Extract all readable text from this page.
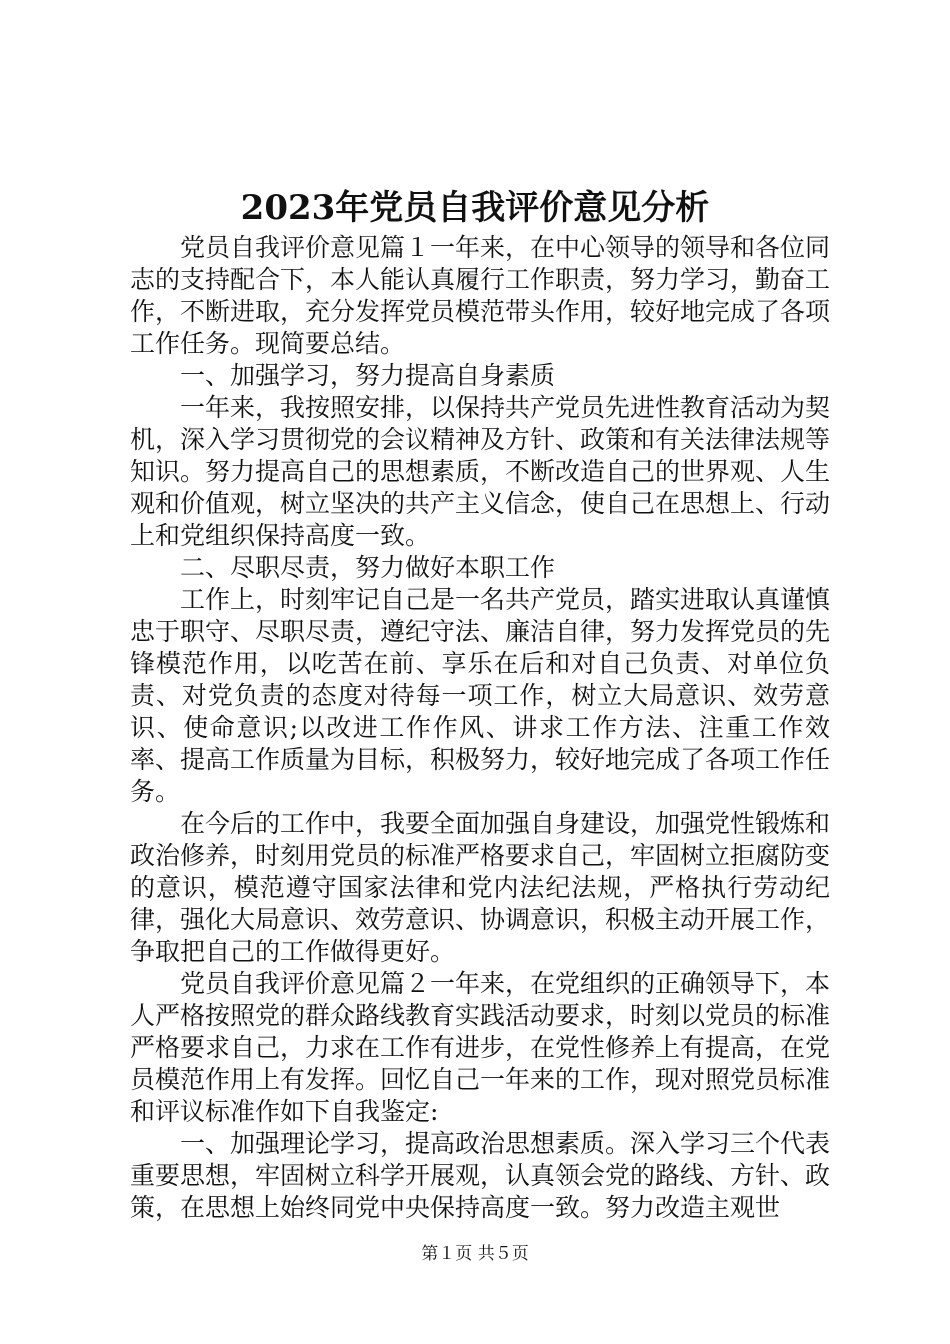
2023年党员自我评价意见分析

党员自我评价意见篇１一年来，在中心领导的领导和各位同志的支持配合下，本人能认真履行工作职责，努力学习，勤奋工作，不断进取，充分发挥党员模范带头作用，较好地完成了各项工作任务。现简要总结。

一、加强学习，努力提高自身素质

一年来，我按照安排，以保持共产党员先进性教育活动为契机，深入学习贯彻党的会议精神及方针、政策和有关法律法规等知识。努力提高自己的思想素质，不断改造自己的世界观、人生观和价值观，树立坚决的共产主义信念，使自己在思想上、行动上和党组织保持高度一致。

二、尽职尽责，努力做好本职工作

工作上，时刻牢记自己是一名共产党员，踏实进取认真谨慎忠于职守、尽职尽责，遵纪守法、廉洁自律，努力发挥党员的先锋模范作用，以吃苦在前、享乐在后和对自己负责、对单位负责、对党负责的态度对待每一项工作，树立大局意识、效劳意识、使命意识;以改进工作作风、讲求工作方法、注重工作效率、提高工作质量为目标，积极努力，较好地完成了各项工作任务。

在今后的工作中，我要全面加强自身建设，加强党性锻炼和政治修养，时刻用党员的标准严格要求自己，牢固树立拒腐防变的意识，模范遵守国家法律和党内法纪法规，严格执行劳动纪律，强化大局意识、效劳意识、协调意识，积极主动开展工作，争取把自己的工作做得更好。

党员自我评价意见篇２一年来，在党组织的正确领导下，本人严格按照党的群众路线教育实践活动要求，时刻以党员的标准严格要求自己，力求在工作有进步，在党性修养上有提高，在党员模范作用上有发挥。回忆自己一年来的工作，现对照党员标准和评议标准作如下自我鉴定:

一、加强理论学习，提高政治思想素质。深入学习三个代表重要思想，牢固树立科学开展观，认真领会党的路线、方针、政策，在思想上始终同党中央保持高度一致。努力改造主观世

第１页 共５页
